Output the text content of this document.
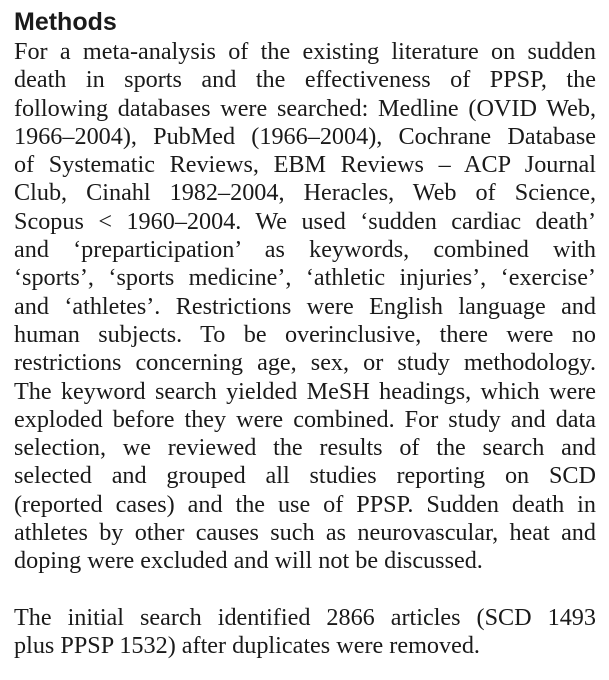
Methods
For a meta-analysis of the existing literature on sudden
death in sports and the effectiveness of PPSP, the
following databases were searched: Medline (OVID Web,
1966–2004), PubMed (1966–2004), Cochrane Database
of Systematic Reviews, EBM Reviews – ACP Journal
Club, Cinahl 1982–2004, Heracles, Web of Science,
Scopus < 1960–2004. We used ‘sudden cardiac death’
and ‘preparticipation’ as keywords, combined with
‘sports’, ‘sports medicine’, ‘athletic injuries’, ‘exercise’
and ‘athletes’. Restrictions were English language and
human subjects. To be overinclusive, there were no
restrictions concerning age, sex, or study methodology.
The keyword search yielded MeSH headings, which were
exploded before they were combined. For study and data
selection, we reviewed the results of the search and
selected and grouped all studies reporting on SCD
(reported cases) and the use of PPSP. Sudden death in
athletes by other causes such as neurovascular, heat and
doping were excluded and will not be discussed.
The initial search identified 2866 articles (SCD 1493
plus PPSP 1532) after duplicates were removed.
